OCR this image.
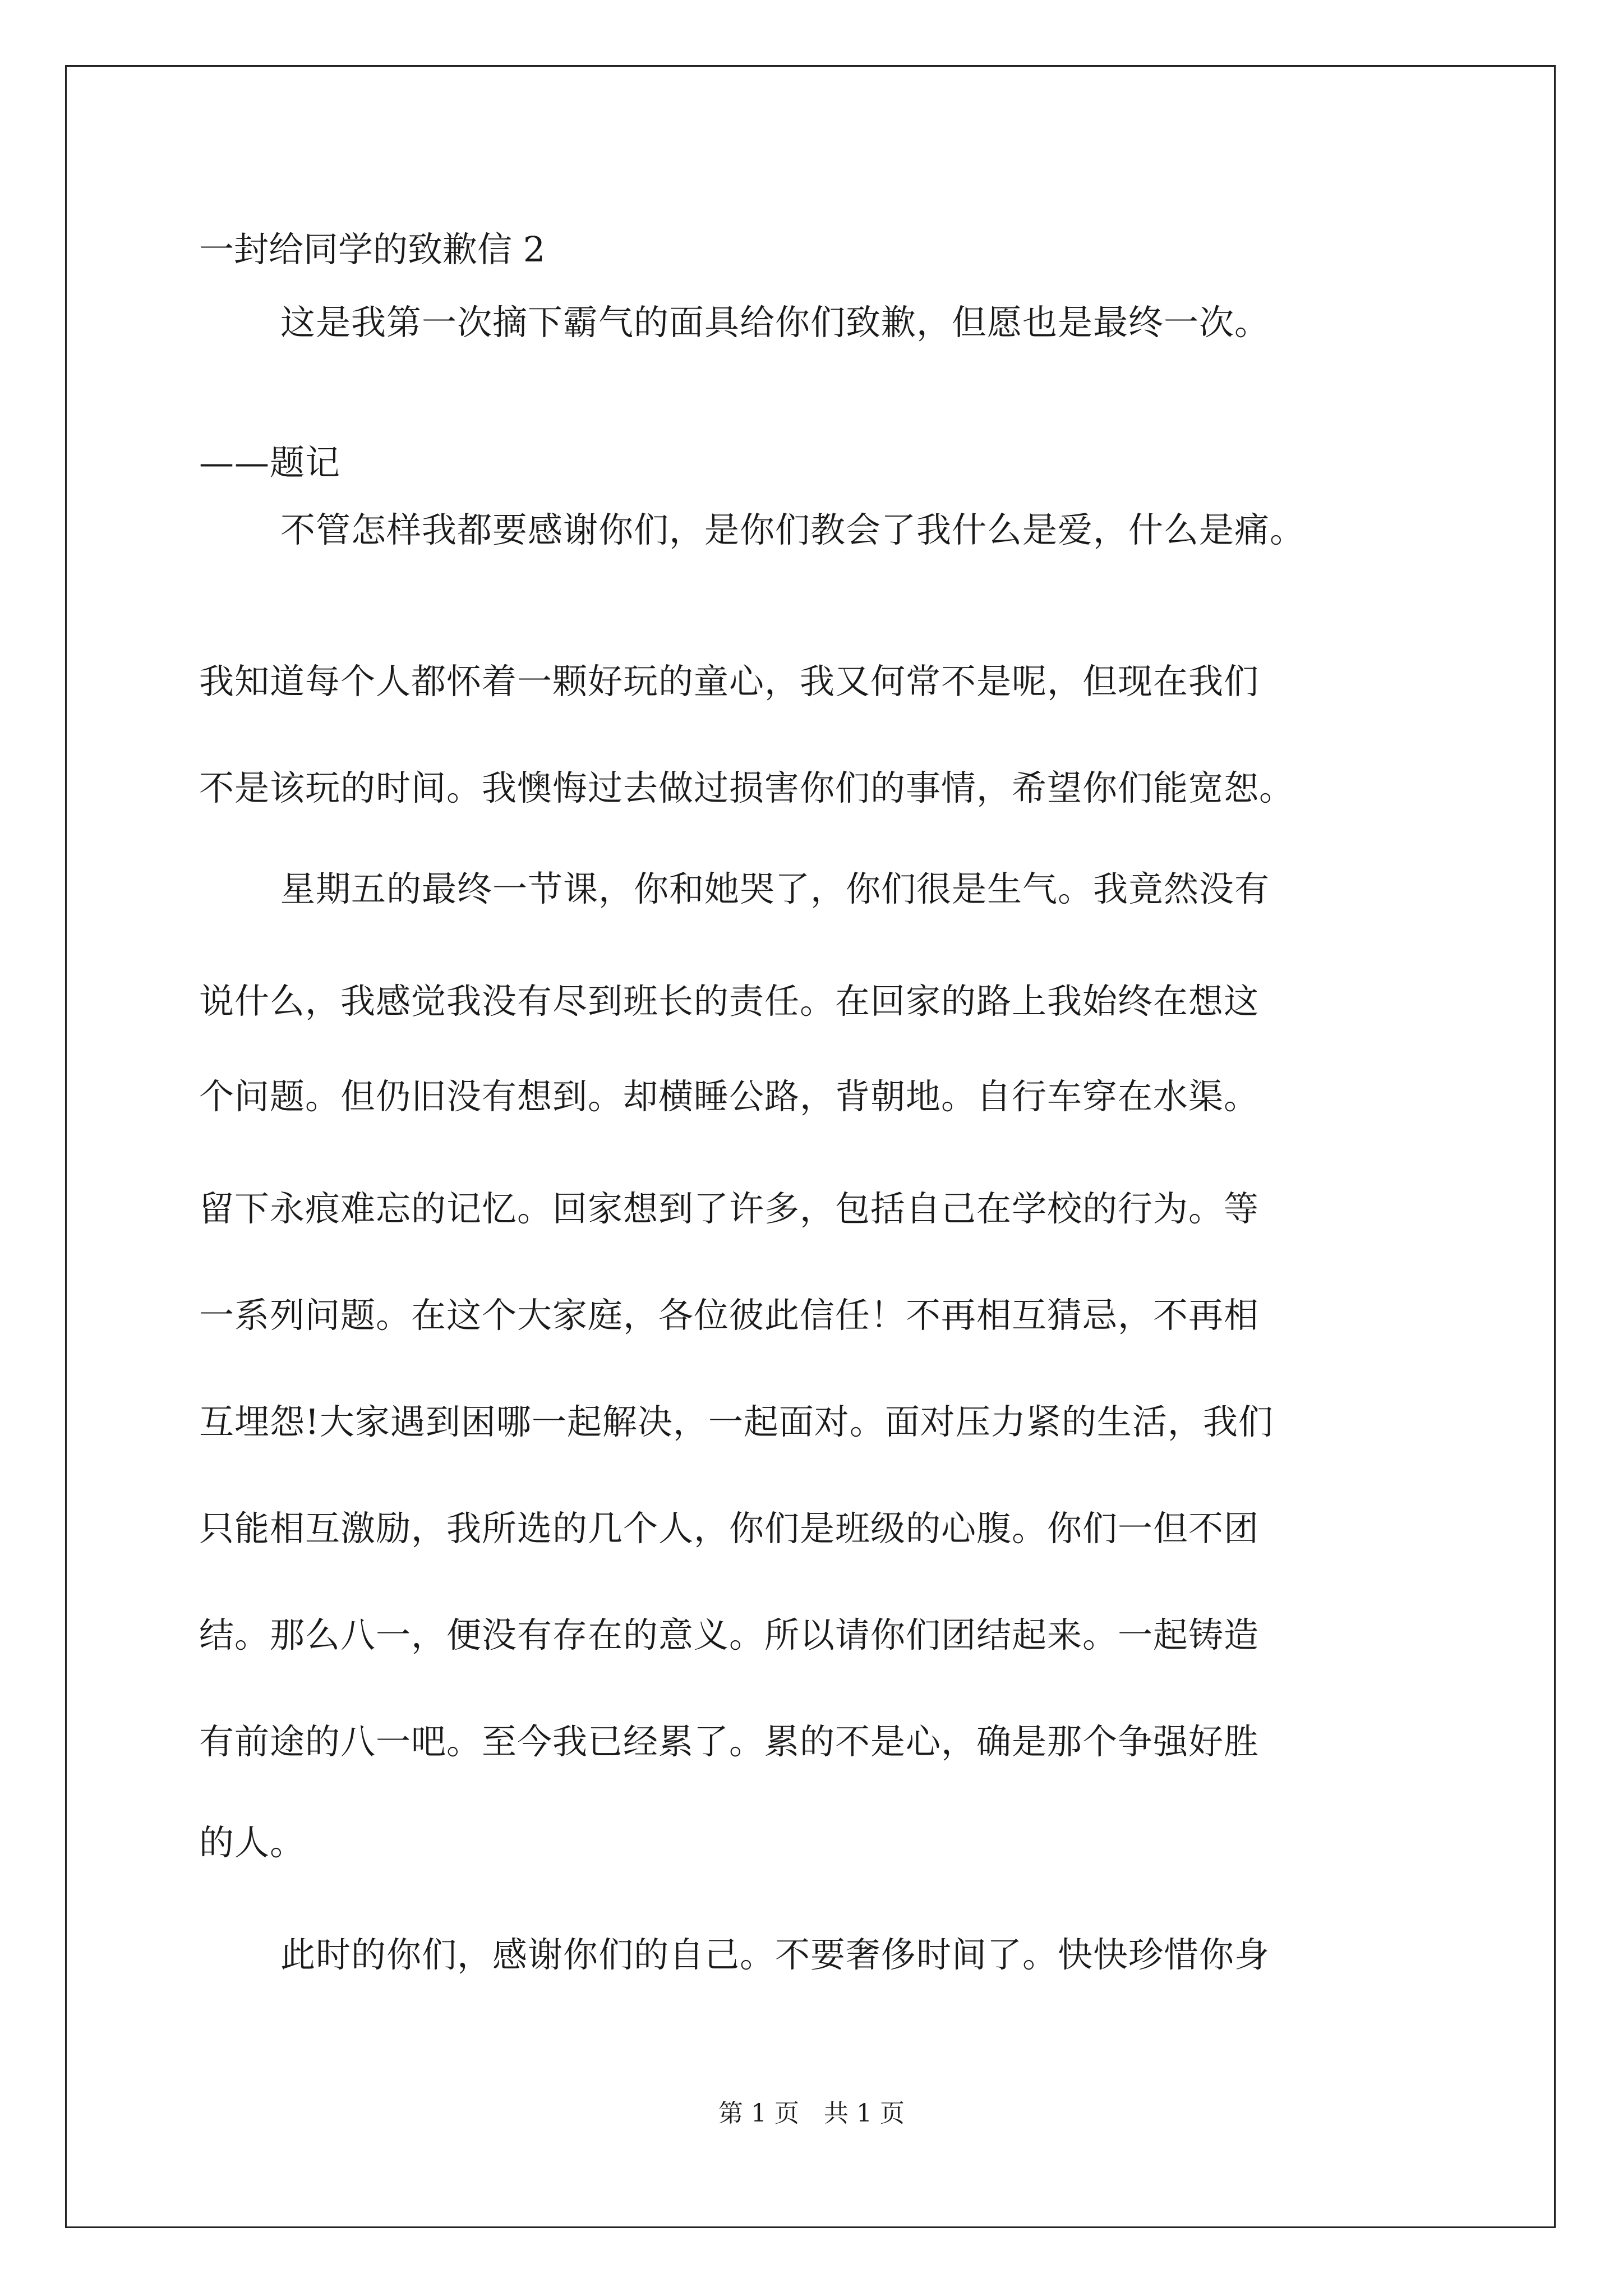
一封给同学的致歉信 2
这是我第一次摘下霸气的面具给你们致歉，但愿也是最终一次。
——题记
不管怎样我都要感谢你们，是你们教会了我什么是爱，什么是痛。
我知道每个人都怀着一颗好玩的童心，我又何常不是呢，但现在我们
不是该玩的时间。我懊悔过去做过损害你们的事情，希望你们能宽恕。
星期五的最终一节课，你和她哭了，你们很是生气。我竟然没有
说什么，我感觉我没有尽到班长的责任。在回家的路上我始终在想这
个问题。但仍旧没有想到。却横睡公路，背朝地。自行车穿在水渠。
留下永痕难忘的记忆。回家想到了许多，包括自己在学校的行为。等
一系列问题。在这个大家庭，各位彼此信任！不再相互猜忌，不再相
互埋怨!大家遇到困哪一起解决，一起面对。面对压力紧的生活，我们
只能相互激励，我所选的几个人，你们是班级的心腹。你们一但不团
结。那么八一，便没有存在的意义。所以请你们团结起来。一起铸造
有前途的八一吧。至今我已经累了。累的不是心，确是那个争强好胜
的人。
此时的你们，感谢你们的自己。不要奢侈时间了。快快珍惜你身
第 1 页　共 1 页
